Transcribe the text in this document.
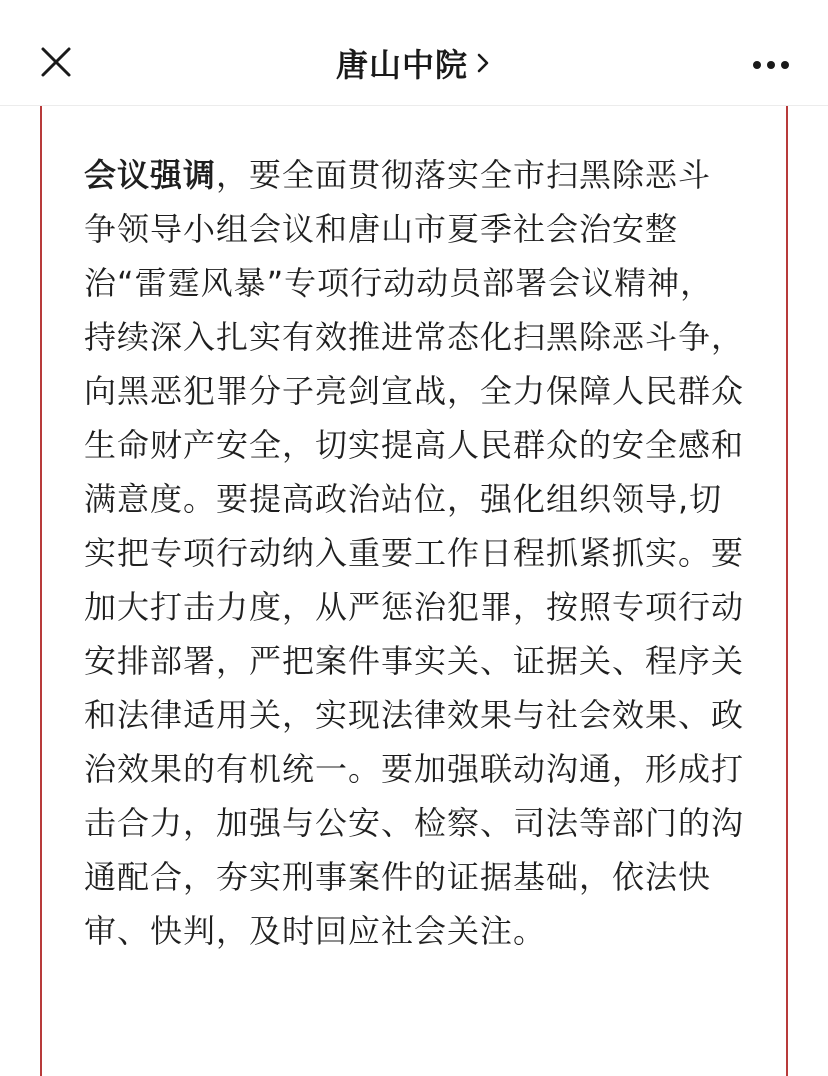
唐山中院

会议强调，要全面贯彻落实全市扫黑除恶斗争领导小组会议和唐山市夏季社会治安整治“雷霆风暴”专项行动动员部署会议精神，持续深入扎实有效推进常态化扫黑除恶斗争，向黑恶犯罪分子亮剑宣战，全力保障人民群众生命财产安全，切实提高人民群众的安全感和满意度。要提高政治站位，强化组织领导,切实把专项行动纳入重要工作日程抓紧抓实。要加大打击力度，从严惩治犯罪，按照专项行动安排部署，严把案件事实关、证据关、程序关和法律适用关，实现法律效果与社会效果、政治效果的有机统一。要加强联动沟通，形成打击合力，加强与公安、检察、司法等部门的沟通配合，夯实刑事案件的证据基础，依法快审、快判，及时回应社会关注。
